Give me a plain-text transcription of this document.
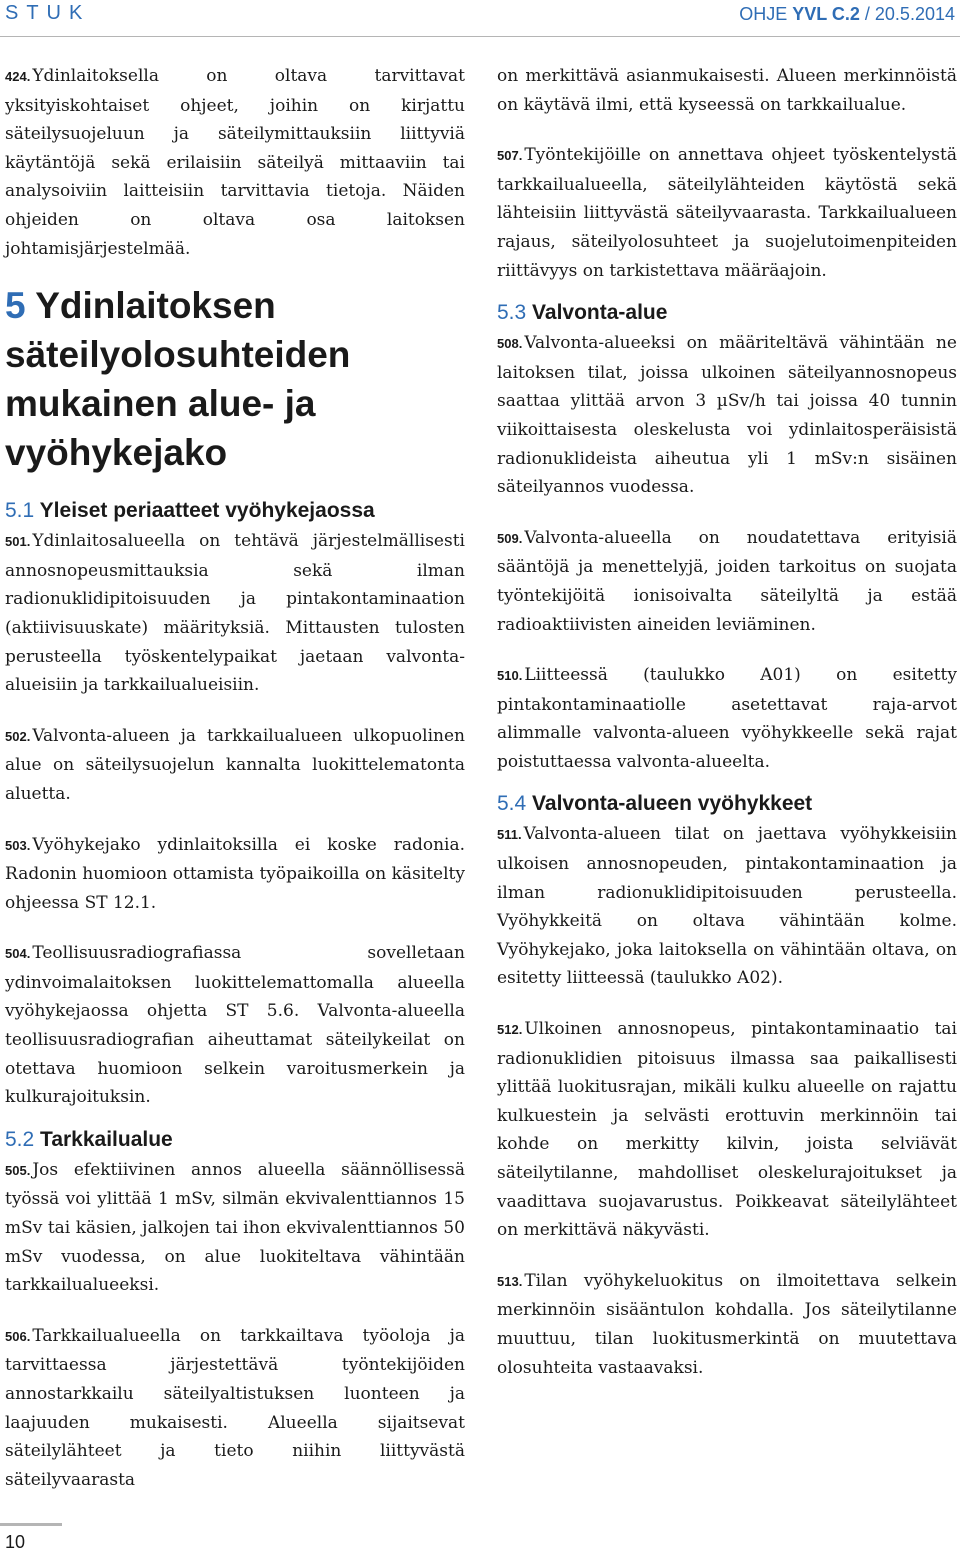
STUK	OHJE YVL C.2 / 20.5.2014

424. Ydinlaitoksella on oltava tarvittavat yksityiskohtaiset ohjeet, joihin on kirjattu säteilysuojeluun ja säteilymittauksiin liittyviä käytäntöjä sekä erilaisiin säteilyä mittaaviin tai analysoiviin laitteisiin tarvittavia tietoja. Näiden ohjeiden on oltava osa laitoksen johtamisjärjestelmää.

5 Ydinlaitoksen säteilyolosuhteiden mukainen alue- ja vyöhykejako
5.1 Yleiset periaatteet vyöhykejaossa

501. Ydinlaitosalueella on tehtävä järjestelmällisesti annosnopeusmittauksia sekä ilman radionuklidipitoisuuden ja pintakontaminaation (aktiivisuuskate) määrityksiä. Mittausten tulosten perusteella työskentelypaikat jaetaan valvonta-alueisiin ja tarkkailualueisiin.

502. Valvonta-alueen ja tarkkailualueen ulkopuolinen alue on säteilysuojelun kannalta luokittelematonta aluetta.

503. Vyöhykejako ydinlaitoksilla ei koske radonia. Radonin huomioon ottamista työpaikoilla on käsitelty ohjeessa ST 12.1.

504. Teollisuusradiografiassa sovelletaan ydinvoimalaitoksen luokittelemattomalla alueella vyöhykejaossa ohjetta ST 5.6. Valvonta-alueella teollisuusradiografian aiheuttamat säteilykeilat on otettava huomioon selkein varoitusmerkein ja kulkurajoituksin.

5.2 Tarkkailualue

505. Jos efektiivinen annos alueella säännöllisessä työssä voi ylittää 1 mSv, silmän ekvivalenttiannos 15 mSv tai käsien, jalkojen tai ihon ekvivalenttiannos 50 mSv vuodessa, on alue luokiteltava vähintään tarkkailualueeksi.

506. Tarkkailualueella on tarkkailtava työoloja ja tarvittaessa järjestettävä työntekijöiden annostarkkailu säteilyaltistuksen luonteen ja laajuuden mukaisesti. Alueella sijaitsevat säteilylähteet ja tieto niihin liittyvästä säteilyvaarasta

on merkittävä asianmukaisesti. Alueen merkinnöistä on käytävä ilmi, että kyseessä on tarkkailualue.

507. Työntekijöille on annettava ohjeet työskentelystä tarkkailualueella, säteilylähteiden käytöstä sekä lähteisiin liittyvästä säteilyvaarasta. Tarkkailualueen rajaus, säteilyolosuhteet ja suojelutoimenpiteiden riittävyys on tarkistettava määräajoin.

5.3 Valvonta-alue

508. Valvonta-alueeksi on määriteltävä vähintään ne laitoksen tilat, joissa ulkoinen säteilyannosnopeus saattaa ylittää arvon 3 µSv/h tai joissa 40 tunnin viikoittaisesta oleskelusta voi ydinlaitosperäisistä radionuklideista aiheutua yli 1 mSv:n sisäinen säteilyannos vuodessa.

509. Valvonta-alueella on noudatettava erityisiä sääntöjä ja menettelyjä, joiden tarkoitus on suojata työntekijöitä ionisoivalta säteilyltä ja estää radioaktiivisten aineiden leviäminen.

510. Liitteessä (taulukko A01) on esitetty pintakontaminaatiolle asetettavat raja-arvot alimmalle valvonta-alueen vyöhykkeelle sekä rajat poistuttaessa valvonta-alueelta.

5.4 Valvonta-alueen vyöhykkeet

511. Valvonta-alueen tilat on jaettava vyöhykkeisiin ulkoisen annosnopeuden, pintakontaminaation ja ilman radionuklidipitoisuuden perusteella. Vyöhykkeitä on oltava vähintään kolme. Vyöhykejako, joka laitoksella on vähintään oltava, on esitetty liitteessä (taulukko A02).

512. Ulkoinen annosnopeus, pintakontaminaatio tai radionuklidien pitoisuus ilmassa saa paikallisesti ylittää luokitusrajan, mikäli kulku alueelle on rajattu kulkuestein ja selvästi erottuvin merkinnöin tai kohde on merkitty kilvin, joista selviävät säteilytilanne, mahdolliset oleskelurajoitukset ja vaadittava suojavarustus. Poikkeavat säteilylähteet on merkittävä näkyvästi.

513. Tilan vyöhykeluokitus on ilmoitettava selkein merkinnöin sisääntulon kohdalla. Jos säteilytilanne muuttuu, tilan luokitusmerkintä on muutettava olosuhteita vastaavaksi.

10
